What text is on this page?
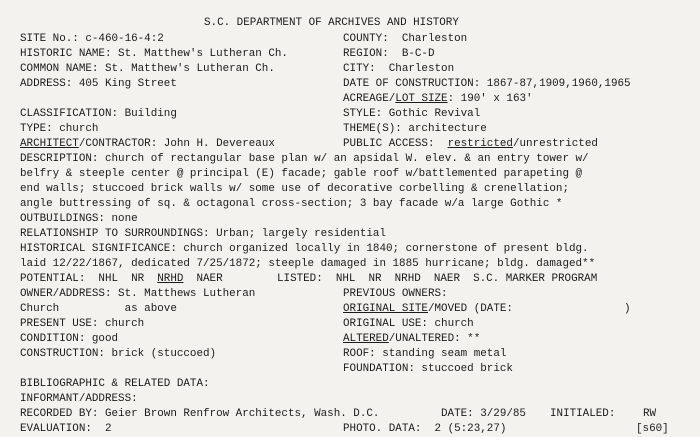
S.C. DEPARTMENT OF ARCHIVES AND HISTORY
SITE No.: c-460-16-4:2	COUNTY:  Charleston
HISTORIC NAME: St. Matthew's Lutheran Ch.	REGION:  B-C-D
COMMON NAME: St. Matthew's Lutheran Ch.	CITY:  Charleston
ADDRESS: 405 King Street	DATE OF CONSTRUCTION: 1867-87,1909,1960,1965
ACREAGE/LOT SIZE: 190' x 163'
CLASSIFICATION: Building	STYLE: Gothic Revival
TYPE: church	THEME(S): architecture
ARCHITECT/CONTRACTOR: John H. Devereaux	PUBLIC ACCESS:  restricted/unrestricted
DESCRIPTION: church of rectangular base plan w/ an apsidal W. elev. & an entry tower w/
belfry & steeple center @ principal (E) facade; gable roof w/battlemented parapeting @
end walls; stuccoed brick walls w/ some use of decorative corbelling & crenellation;
angle buttressing of sq. & octagonal cross-section; 3 bay facade w/a large Gothic *
OUTBUILDINGS: none
RELATIONSHIP TO SURROUNDINGS: Urban; largely residential
HISTORICAL SIGNIFICANCE: church organized locally in 1840; cornerstone of present bldg.
laid 12/22/1867, dedicated 7/25/1872; steeple damaged in 1885 hurricane; bldg. damaged**
POTENTIAL:  NHL  NR  NRHD  NAER	LISTED:  NHL  NR  NRHD  NAER  S.C. MARKER PROGRAM
OWNER/ADDRESS: St. Matthews Lutheran	PREVIOUS OWNERS:
Church          as above	ORIGINAL SITE/MOVED (DATE:                 )
PRESENT USE: church	ORIGINAL USE: church
CONDITION: good	ALTERED/UNALTERED: **
CONSTRUCTION: brick (stuccoed)	ROOF: standing seam metal
FOUNDATION: stuccoed brick
BIBLIOGRAPHIC & RELATED DATA:
INFORMANT/ADDRESS:
RECORDED BY: Geier Brown Renfrow Architects, Wash. D.C.	DATE: 3/29/85 INITIALED:	RW
EVALUATION:  2	PHOTO. DATA:  2 (5:23,27)	[s60]
